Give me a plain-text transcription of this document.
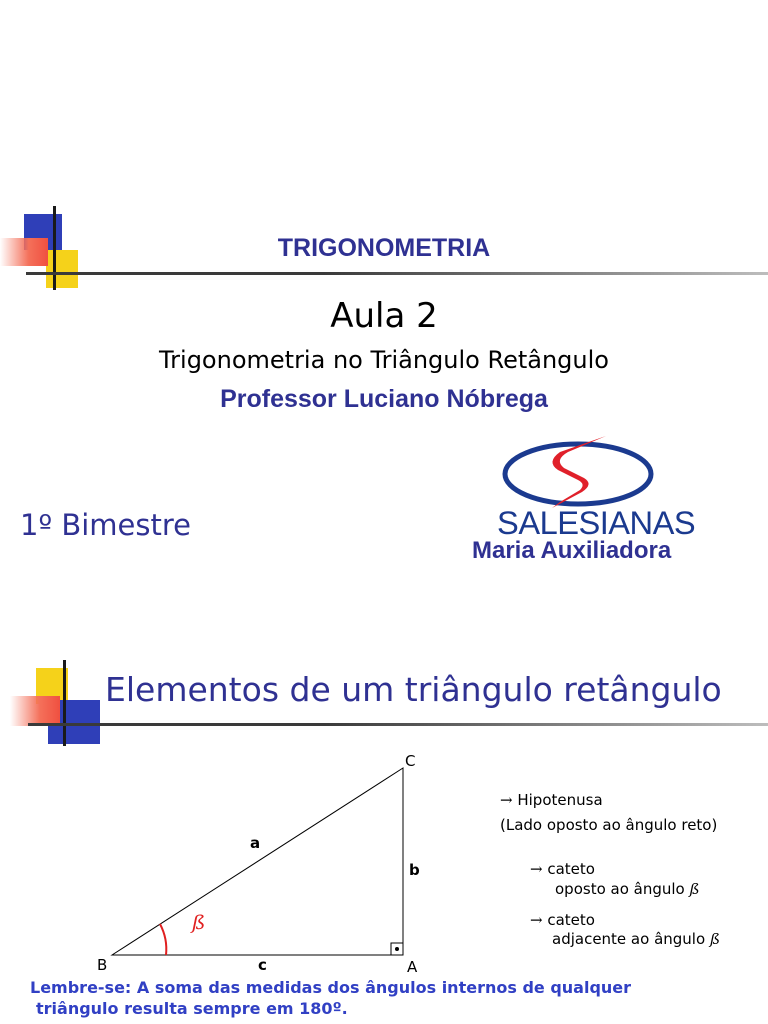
TRIGONOMETRIA
Aula 2
Trigonometria no Triângulo Retângulo
Professor Luciano Nóbrega
1º Bimestre	SALESIANAS
Maria Auxiliadora
Elementos de um triângulo retângulo
C
B	A
a
b
c
ß
→ Hipotenusa
(Lado oposto ao ângulo reto)
→ cateto
oposto ao ângulo ß
→ cateto
adjacente ao ângulo ß
Lembre-se: A soma das medidas dos ângulos internos de qualquer
triângulo resulta sempre em 180º.
